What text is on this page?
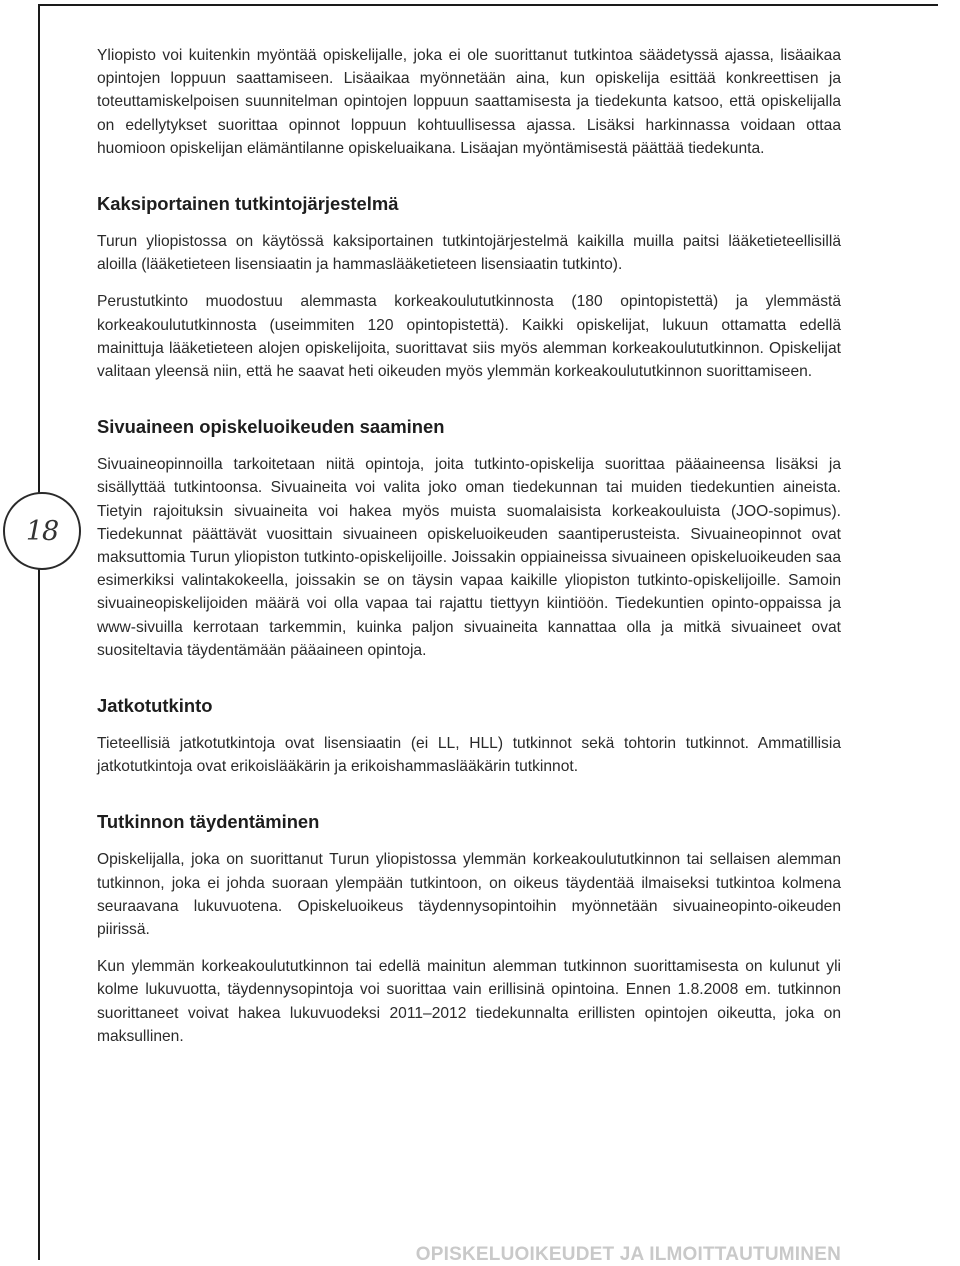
18

Yliopisto voi kuitenkin myöntää opiskelijalle, joka ei ole suorittanut tutkintoa säädetyssä ajassa, lisäaikaa opintojen loppuun saattamiseen. Lisäaikaa myönnetään aina, kun opiskelija esittää konkreettisen ja toteuttamiskelpoisen suunnitelman opintojen loppuun saattamisesta ja tiedekunta katsoo, että opiskelijalla on edellytykset suorittaa opinnot loppuun kohtuullisessa ajassa. Lisäksi harkinnassa voidaan ottaa huomioon opiskelijan elämäntilanne opiskeluaikana. Lisäajan myöntämisestä päättää tiedekunta.

Kaksiportainen tutkintojärjestelmä

Turun yliopistossa on käytössä kaksiportainen tutkintojärjestelmä kaikilla muilla paitsi lääketieteellisillä aloilla (lääketieteen lisensiaatin ja hammaslääketieteen lisensiaatin tutkinto).

Perustutkinto muodostuu alemmasta korkeakoulututkinnosta (180 opintopistettä) ja ylemmästä korkeakoulututkinnosta (useimmiten 120 opintopistettä). Kaikki opiskelijat, lukuun ottamatta edellä mainittuja lääketieteen alojen opiskelijoita, suorittavat siis myös alemman korkeakoulututkinnon. Opiskelijat valitaan yleensä niin, että he saavat heti oikeuden myös ylemmän korkeakoulututkinnon suorittamiseen.

Sivuaineen opiskeluoikeuden saaminen

Sivuaineopinnoilla tarkoitetaan niitä opintoja, joita tutkinto-opiskelija suorittaa pääaineensa lisäksi ja sisällyttää tutkintoonsa. Sivuaineita voi valita joko oman tiedekunnan tai muiden tiedekuntien aineista. Tietyin rajoituksin sivuaineita voi hakea myös muista suomalaisista korkeakouluista (JOO-sopimus). Tiedekunnat päättävät vuosittain sivuaineen opiskeluoikeuden saantiperusteista. Sivuaineopinnot ovat maksuttomia Turun yliopiston tutkinto-opiskelijoille. Joissakin oppiaineissa sivuaineen opiskeluoikeuden saa esimerkiksi valintakokeella, joissakin se on täysin vapaa kaikille yliopiston tutkinto-opiskelijoille. Samoin sivuaineopiskelijoiden määrä voi olla vapaa tai rajattu tiettyyn kiintiöön. Tiedekuntien opinto-oppaissa ja www-sivuilla kerrotaan tarkemmin, kuinka paljon sivuaineita kannattaa olla ja mitkä sivuaineet ovat suositeltavia täydentämään pääaineen opintoja.

Jatkotutkinto

Tieteellisiä jatkotutkintoja ovat lisensiaatin (ei LL, HLL) tutkinnot sekä tohtorin tutkinnot. Ammatillisia jatkotutkintoja ovat erikoislääkärin ja erikoishammaslääkärin tutkinnot.

Tutkinnon täydentäminen

Opiskelijalla, joka on suorittanut Turun yliopistossa ylemmän korkeakoulututkinnon tai sellaisen alemman tutkinnon, joka ei johda suoraan ylempään tutkintoon, on oikeus täydentää ilmaiseksi tutkintoa kolmena seuraavana lukuvuotena. Opiskeluoikeus täydennysopintoihin myönnetään sivuaineopinto-oikeuden piirissä.

Kun ylemmän korkeakoulututkinnon tai edellä mainitun alemman tutkinnon suorittamisesta on kulunut yli kolme lukuvuotta, täydennysopintoja voi suorittaa vain erillisinä opintoina. Ennen 1.8.2008 em. tutkinnon suorittaneet voivat hakea lukuvuodeksi 2011–2012 tiedekunnalta erillisten opintojen oikeutta, joka on maksullinen.

OPISKELUOIKEUDET JA ILMOITTAUTUMINEN
